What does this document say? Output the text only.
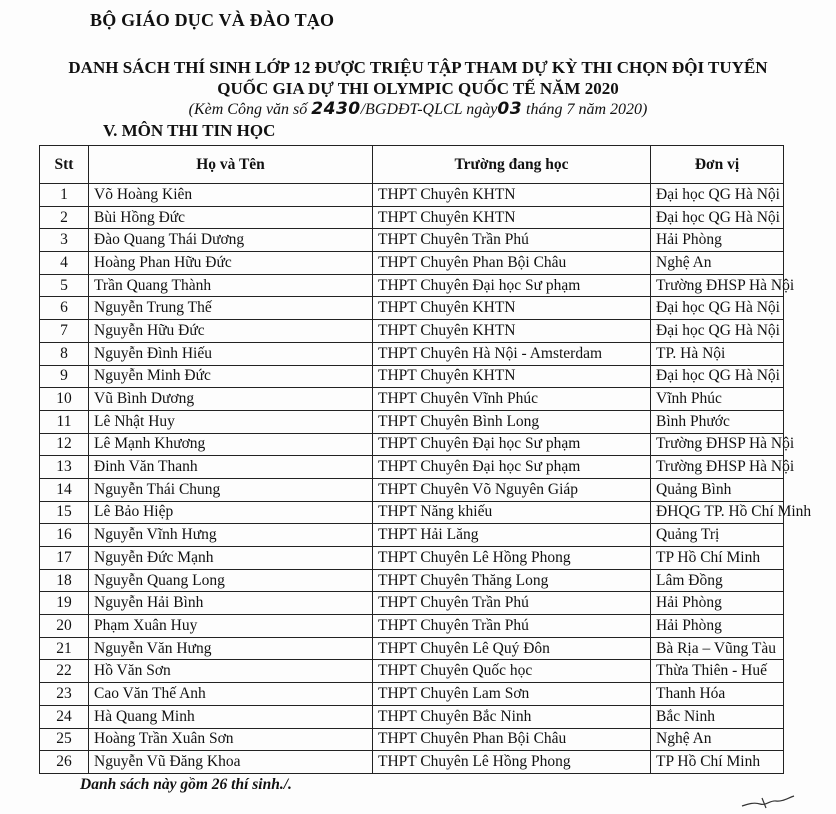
BỘ GIÁO DỤC VÀ ĐÀO TẠO
DANH SÁCH THÍ SINH LỚP 12 ĐƯỢC TRIỆU TẬP THAM DỰ KỲ THI CHỌN ĐỘI TUYỂN
QUỐC GIA DỰ THI OLYMPIC QUỐC TẾ NĂM 2020
(Kèm Công văn số 2430/BGDĐT-QLCL ngày03 tháng 7 năm 2020)
V. MÔN THI TIN HỌC
Stt	Họ và Tên	Trường đang học	Đơn vị
1	Võ Hoàng Kiên	THPT Chuyên KHTN	Đại học QG Hà Nội
2	Bùi Hồng Đức	THPT Chuyên KHTN	Đại học QG Hà Nội
3	Đào Quang Thái Dương	THPT Chuyên Trần Phú	Hải Phòng
4	Hoàng Phan Hữu Đức	THPT Chuyên Phan Bội Châu	Nghệ An
5	Trần Quang Thành	THPT Chuyên Đại học Sư phạm	Trường ĐHSP Hà Nội
6	Nguyễn Trung Thế	THPT Chuyên KHTN	Đại học QG Hà Nội
7	Nguyễn Hữu Đức	THPT Chuyên KHTN	Đại học QG Hà Nội
8	Nguyễn Đình Hiếu	THPT Chuyên Hà Nội - Amsterdam	TP. Hà Nội
9	Nguyễn Minh Đức	THPT Chuyên KHTN	Đại học QG Hà Nội
10	Vũ Bình Dương	THPT Chuyên Vĩnh Phúc	Vĩnh Phúc
11	Lê Nhật Huy	THPT Chuyên Bình Long	Bình Phước
12	Lê Mạnh Khương	THPT Chuyên Đại học Sư phạm	Trường ĐHSP Hà Nội
13	Đinh Văn Thanh	THPT Chuyên Đại học Sư phạm	Trường ĐHSP Hà Nội
14	Nguyễn Thái Chung	THPT Chuyên Võ Nguyên Giáp	Quảng Bình
15	Lê Bảo Hiệp	THPT Năng khiếu	ĐHQG TP. Hồ Chí Minh
16	Nguyễn Vĩnh Hưng	THPT Hải Lăng	Quảng Trị
17	Nguyễn Đức Mạnh	THPT Chuyên Lê Hồng Phong	TP Hồ Chí Minh
18	Nguyễn Quang Long	THPT Chuyên Thăng Long	Lâm Đồng
19	Nguyễn Hải Bình	THPT Chuyên Trần Phú	Hải Phòng
20	Phạm Xuân Huy	THPT Chuyên Trần Phú	Hải Phòng
21	Nguyễn Văn Hưng	THPT Chuyên Lê Quý Đôn	Bà Rịa – Vũng Tàu
22	Hồ Văn Sơn	THPT Chuyên Quốc học	Thừa Thiên - Huế
23	Cao Văn Thế Anh	THPT Chuyên Lam Sơn	Thanh Hóa
24	Hà Quang Minh	THPT Chuyên Bắc Ninh	Bắc Ninh
25	Hoàng Trần Xuân Sơn	THPT Chuyên Phan Bội Châu	Nghệ An
26	Nguyễn Vũ Đăng Khoa	THPT Chuyên Lê Hồng Phong	TP Hồ Chí Minh
Danh sách này gồm 26 thí sinh./.
